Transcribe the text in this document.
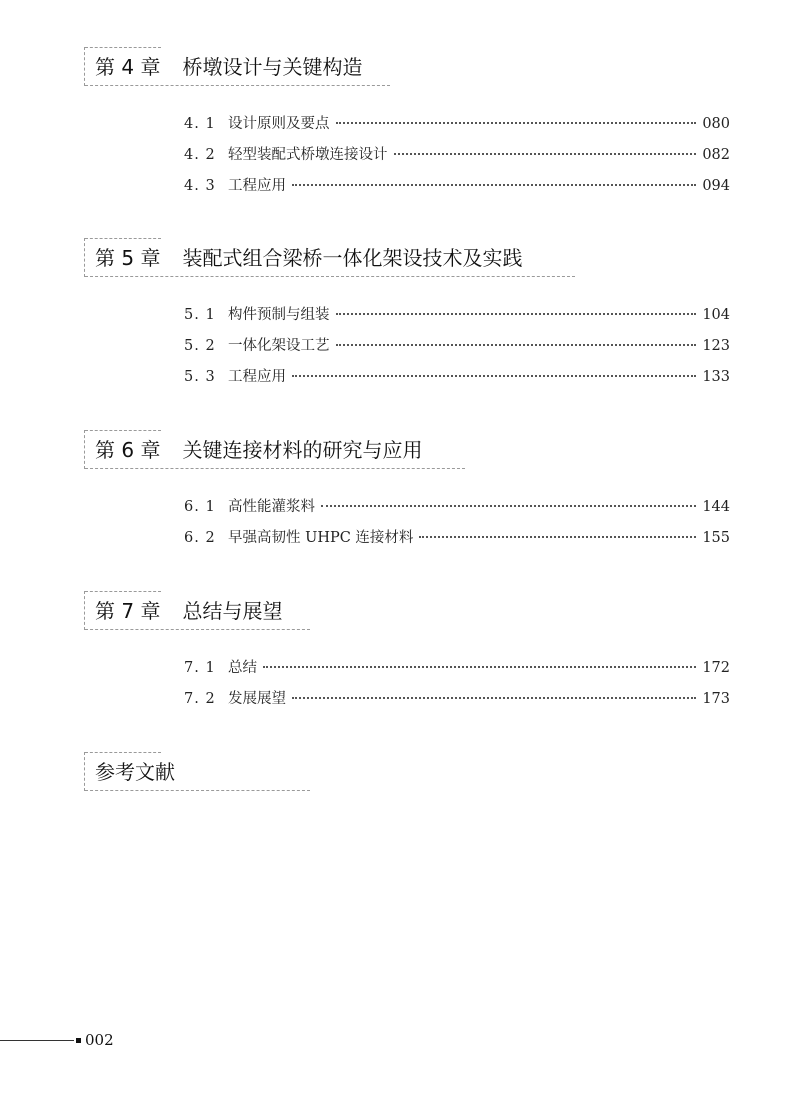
第 4 章 桥墩设计与关键构造
4. 1 设计原则及要点	080
4. 2 轻型装配式桥墩连接设计	082
4. 3 工程应用	094
第 5 章 装配式组合梁桥一体化架设技术及实践
5. 1 构件预制与组装	104
5. 2 一体化架设工艺	123
5. 3 工程应用	133
第 6 章 关键连接材料的研究与应用
6. 1 高性能灌浆料	144
6. 2 早强高韧性 UHPC 连接材料	155
第 7 章 总结与展望
7. 1 总结	172
7. 2 发展展望	173
参考文献
002
